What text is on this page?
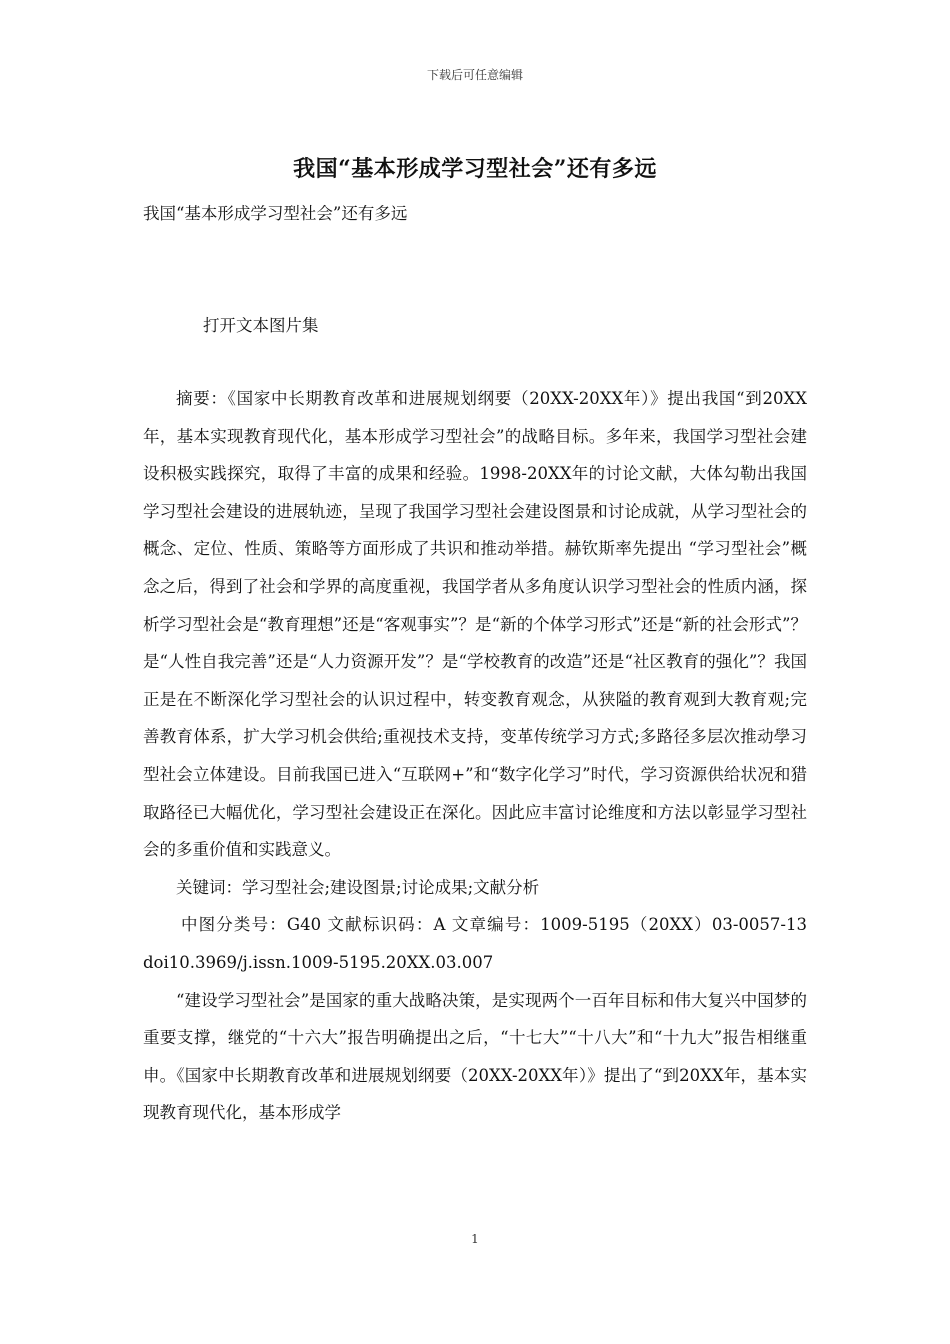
下载后可任意编辑
我国“基本形成学习型社会”还有多远
我国“基本形成学习型社会”还有多远
打开文本图片集

摘要：《国家中长期教育改革和进展规划纲要（20XX-20XX年）》提出我国“到20XX年，基本实现教育现代化，基本形成学习型社会”的战略目标。多年来，我国学习型社会建设积极实践探究，取得了丰富的成果和经验。1998-20XX年的讨论文献，大体勾勒出我国学习型社会建设的进展轨迹，呈现了我国学习型社会建设图景和讨论成就，从学习型社会的概念、定位、性质、策略等方面形成了共识和推动举措。赫钦斯率先提出 “学习型社会”概念之后，得到了社会和学界的高度重视，我国学者从多角度认识学习型社会的性质内涵，探析学习型社会是“教育理想”还是“客观事实”？是“新的个体学习形式”还是“新的社会形式”？是“人性自我完善”还是“人力资源开发”？是“学校教育的改造”还是“社区教育的强化”？我国正是在不断深化学习型社会的认识过程中，转变教育观念，从狭隘的教育观到大教育观;完善教育体系，扩大学习机会供给;重视技术支持，变革传统学习方式;多路径多层次推动學习型社会立体建设。目前我国已进入“互联网+”和“数字化学习”时代，学习资源供给状况和猎取路径已大幅优化，学习型社会建设正在深化。因此应丰富讨论维度和方法以彰显学习型社会的多重价值和实践意义。

关键词：学习型社会;建设图景;讨论成果;文献分析

中图分类号：G40 文献标识码：A 文章编号：1009-5195（20XX）03-0057-13 doi10.3969/j.issn.1009-5195.20XX.03.007

“建设学习型社会”是国家的重大战略决策，是实现两个一百年目标和伟大复兴中国梦的重要支撑，继党的“十六大”报告明确提出之后，“十七大”“十八大”和“十九大”报告相继重申。《国家中长期教育改革和进展规划纲要（20XX-20XX年）》提出了“到20XX年，基本实现教育现代化，基本形成学

1
